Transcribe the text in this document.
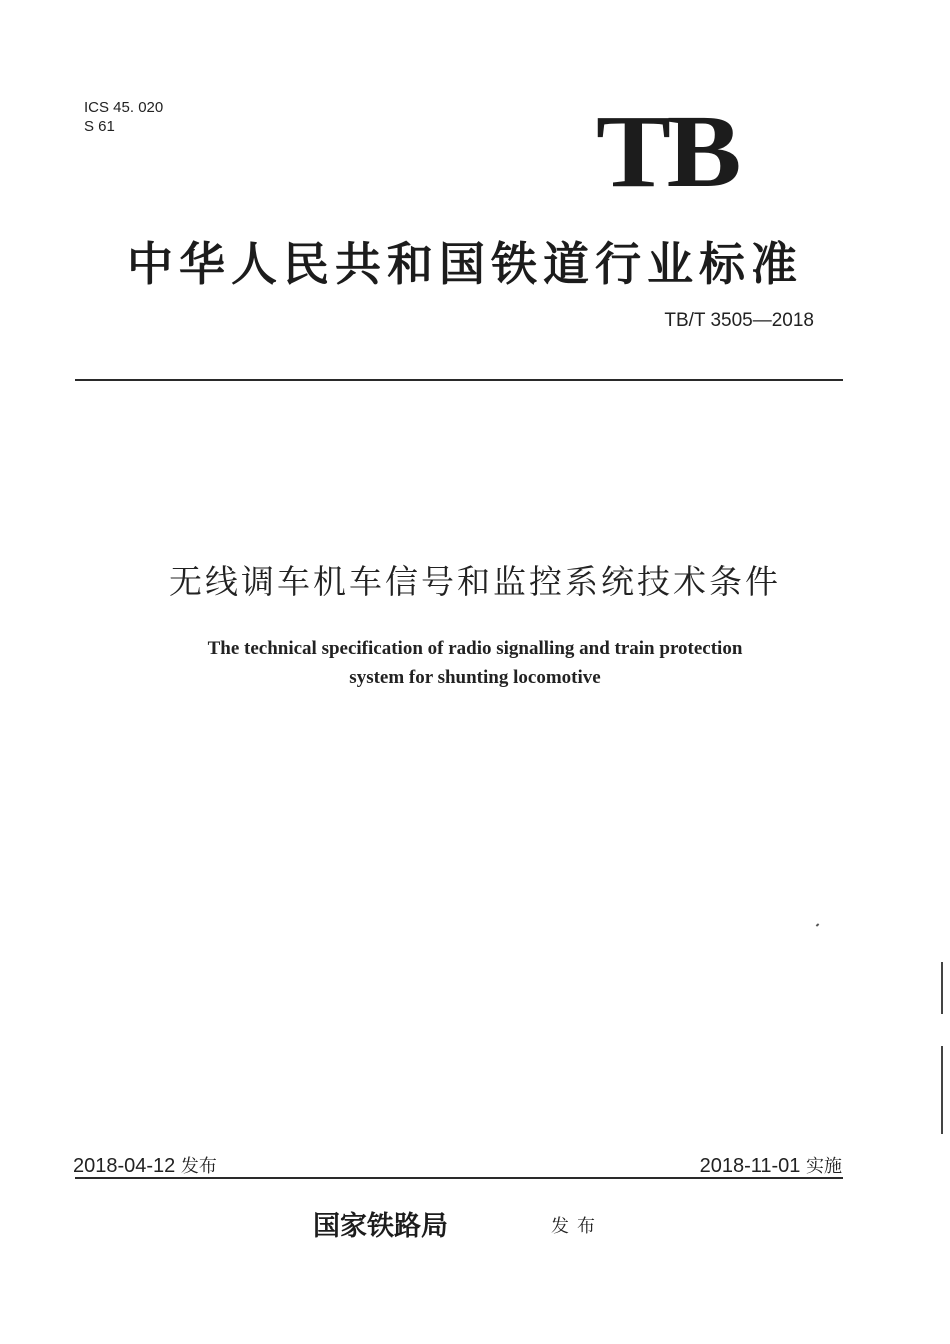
ICS 45. 020
S 61	TB
中华人民共和国铁道行业标准
TB/T 3505—2018
无线调车机车信号和监控系统技术条件
The technical specification of radio signalling and train protection
system for shunting locomotive
2018-04-12 发布	2018-11-01 实施
国家铁路局	发布
